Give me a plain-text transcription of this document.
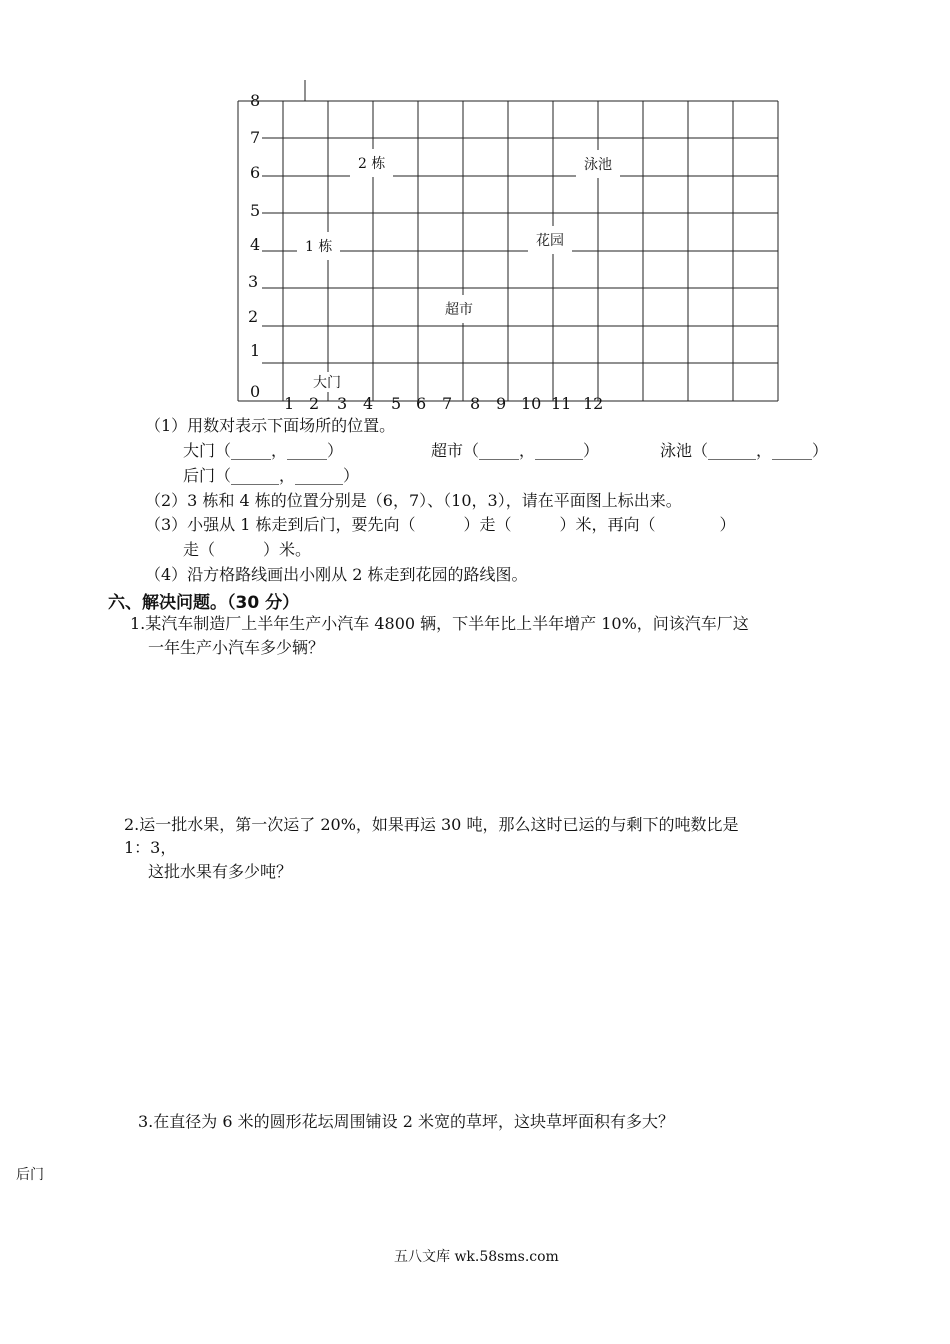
8
7
6
5
4
3
2
1
0
1 2 3 4 5 6 7 8 9 10 11 12
2 栋	泳池
1 栋	花园
超市
大门
（1）用数对表示下面场所的位置。
大门（_____，_____）	超市（_____，______）	泳池（______，_____）
后门（______，______）
（2）3 栋和 4 栋的位置分别是（6，7）、（10，3），请在平面图上标出来。
（3）小强从 1 栋走到后门，要先向（　　　）走（　　　）米，再向（　　　　）
走（　　　）米。
（4）沿方格路线画出小刚从 2 栋走到花园的路线图。
六、解决问题。（30 分）
1.某汽车制造厂上半年生产小汽车 4800 辆，下半年比上半年增产 10%，问该汽车厂这
一年生产小汽车多少辆？
2.运一批水果，第一次运了 20%，如果再运 30 吨，那么这时已运的与剩下的吨数比是
1：3，
这批水果有多少吨？
3.在直径为 6 米的圆形花坛周围铺设 2 米宽的草坪，这块草坪面积有多大？
后门
五八文库 wk.58sms.com
